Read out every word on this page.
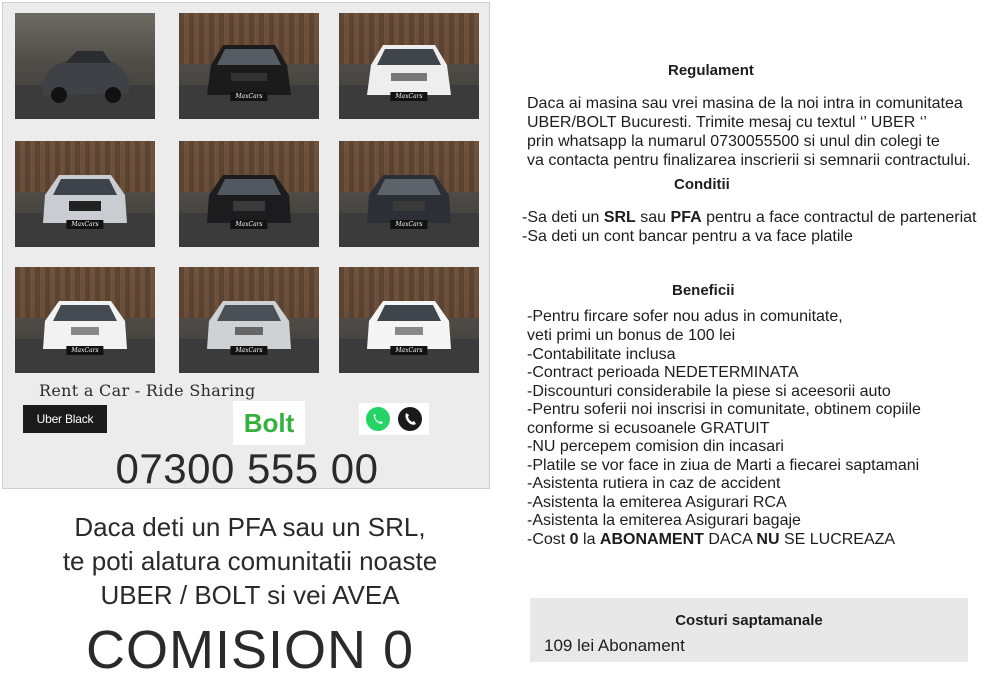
MaxCars	MaxCars
MaxCars	MaxCars	MaxCars
MaxCars	MaxCars	MaxCars
Rent a Car - Ride Sharing
Uber Black	Bolt
07300 555 00
Daca deti un PFA sau un SRL,
te poti alatura comunitatii noaste
UBER / BOLT si vei AVEA
COMISION 0
Regulament
Daca ai masina sau vrei masina de la noi intra in comunitatea
UBER/BOLT Bucuresti. Trimite mesaj cu textul ‘’ UBER ‘’
prin whatsapp la numarul 0730055500 si unul din colegi te
va contacta pentru finalizarea inscrierii si semnarii contractului.
Conditii
-Sa deti un SRL sau PFA pentru a face contractul de parteneriat
-Sa deti un cont bancar pentru a va face platile
Beneficii
-Pentru fircare sofer nou adus in comunitate,
veti primi un bonus de 100 lei
-Contabilitate inclusa
-Contract perioada NEDETERMINATA
-Discounturi considerabile la piese si aceesorii auto
-Pentru soferii noi inscrisi in comunitate, obtinem copiile
conforme si ecusoanele GRATUIT
-NU percepem comision din incasari
-Platile se vor face in ziua de Marti a fiecarei saptamani
-Asistenta rutiera in caz de accident
-Asistenta la emiterea Asigurari RCA
-Asistenta la emiterea Asigurari bagaje
-Cost 0 la ABONAMENT DACA NU SE LUCREAZA
Costuri saptamanale
109 lei Abonament
